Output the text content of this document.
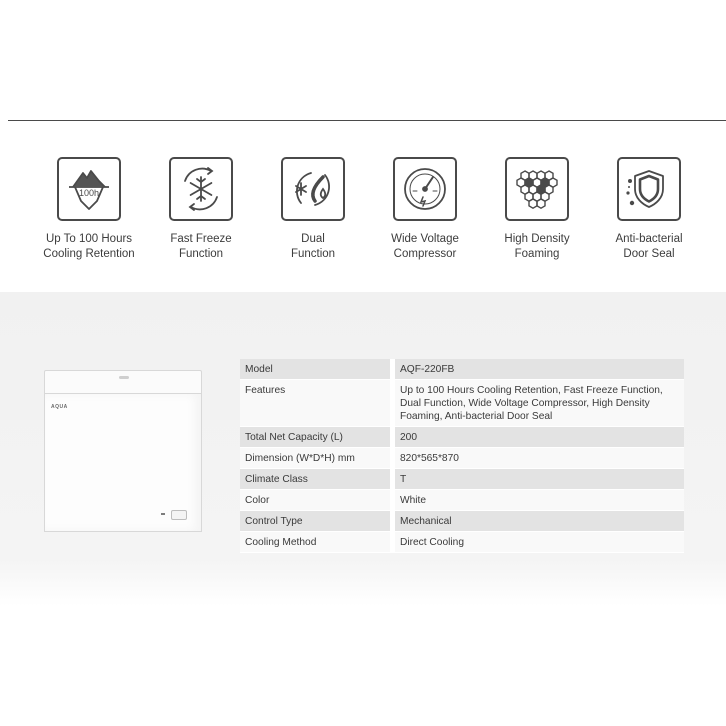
100h
Up To 100 Hours
Cooling Retention
Fast Freeze
Function
Dual
Function
Wide Voltage
Compressor
High Density
Foaming
Anti-bacterial
Door Seal
AQUA
Model		AQF-220FB
Features		Up to 100 Hours Cooling Retention, Fast Freeze Function, Dual Function, Wide Voltage Compressor, High Density Foaming, Anti-bacterial Door Seal
Total Net Capacity (L)		200
Dimension (W*D*H) mm		820*565*870
Climate Class		T
Color		White
Control Type		Mechanical
Cooling Method		Direct Cooling
